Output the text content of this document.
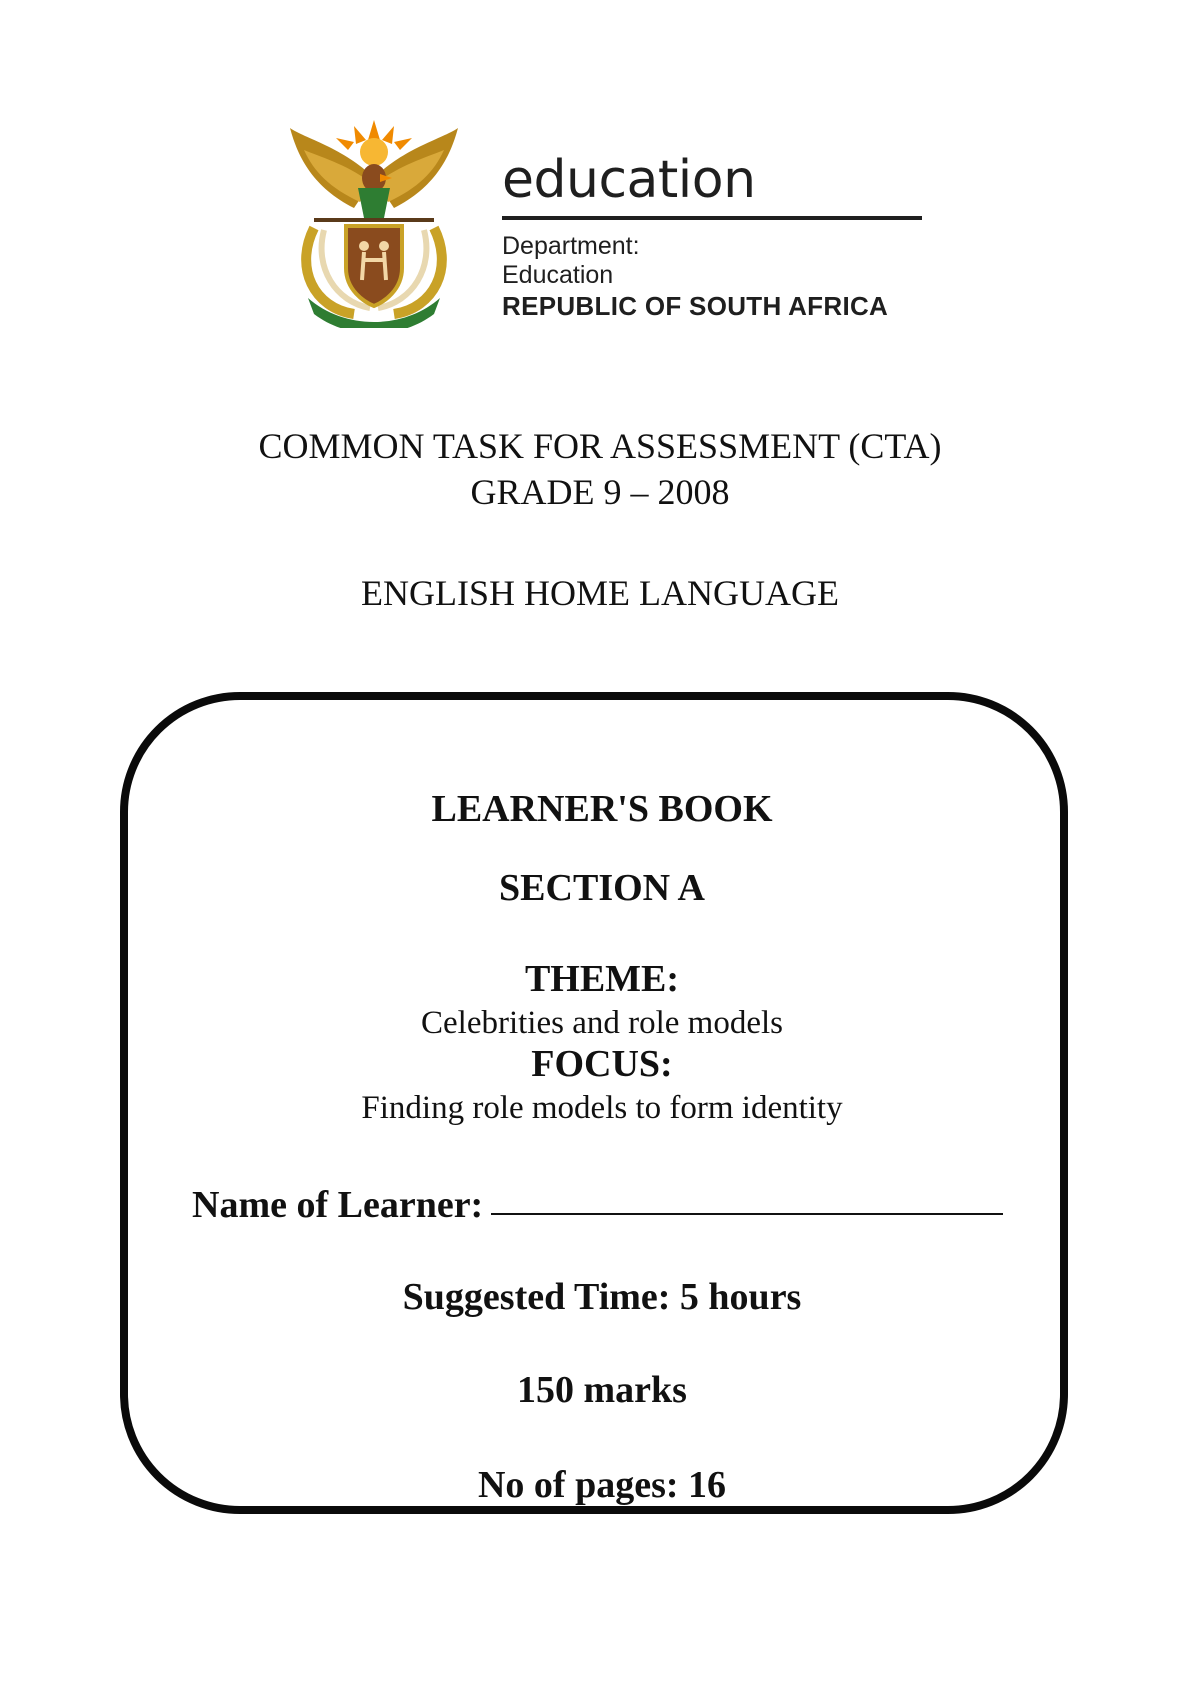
education
Department:
Education
REPUBLIC OF SOUTH AFRICA
COMMON TASK FOR ASSESSMENT (CTA)
GRADE 9 – 2008
ENGLISH HOME LANGUAGE
LEARNER'S BOOK
SECTION A
THEME:
Celebrities and role models
FOCUS:
Finding role models to form identity
Name of Learner:
Suggested Time: 5 hours
150 marks
No of pages: 16
